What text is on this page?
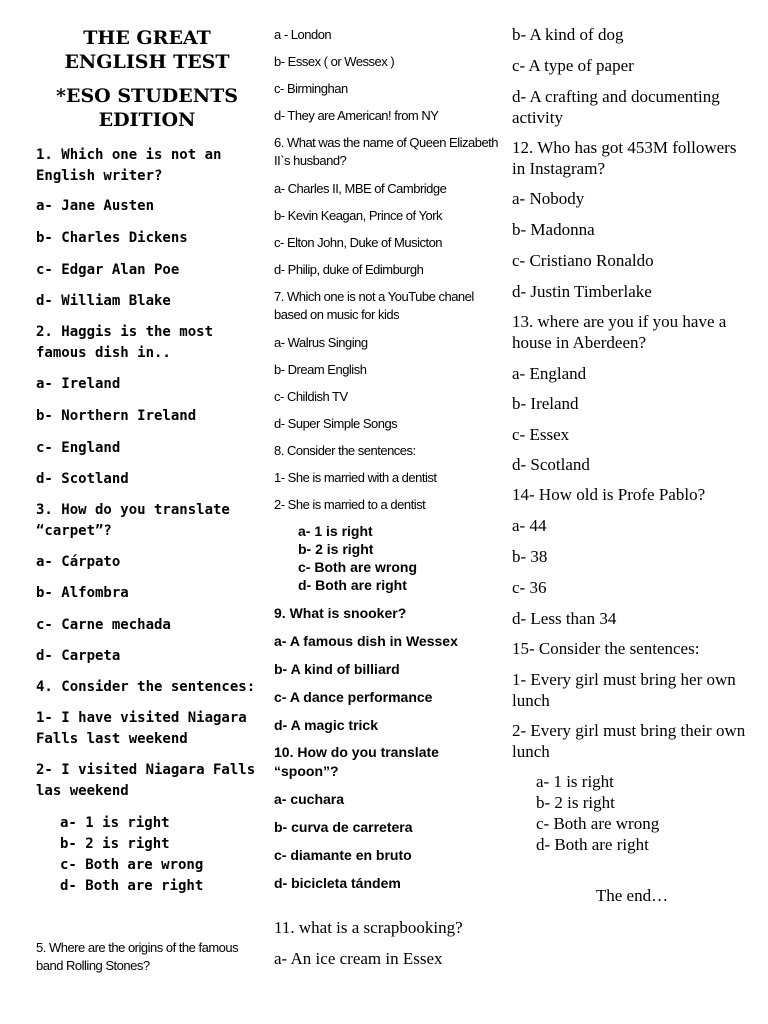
THE GREAT ENGLISH TEST

*ESO STUDENTS EDITION

1. Which one is not an English writer?

a- Jane Austen

b- Charles Dickens

c- Edgar Alan Poe

d- William Blake

2. Haggis is the most famous dish in..

a- Ireland

b- Northern Ireland

c- England

d- Scotland

3. How do you translate “carpet”?

a- Cárpato

b- Alfombra

c- Carne mechada

d- Carpeta

4. Consider the sentences:

1- I have visited Niagara Falls last weekend

2- I visited Niagara Falls las weekend

a- 1 is right

b- 2 is right

c- Both are wrong

d- Both are right

5. Where are the origins of the famous band Rolling Stones?

a - London

b- Essex ( or Wessex )

c- Birminghan

d- They are American! from NY

6. What was the name of Queen Elizabeth II`s husband?

a- Charles II, MBE of Cambridge

b- Kevin Keagan, Prince of York

c- Elton John, Duke of Musicton

d- Philip, duke of Edimburgh

7. Which one is not a YouTube chanel based on music for kids

a- Walrus Singing

b- Dream English

c- Childish TV

d- Super Simple Songs

8. Consider the sentences:

1- She is married with a dentist

2- She is married to a dentist

a- 1 is right

b- 2 is right

c- Both are wrong

d- Both are right

9. What is snooker?

a- A famous dish in Wessex

b- A kind of billiard

c- A dance performance

d- A magic trick

10. How do you translate “spoon”?

a- cuchara

b- curva de carretera

c- diamante en bruto

d- bicicleta tándem

11. what is a scrapbooking?

a- An ice cream in Essex

b- A kind of dog

c- A type of paper

d- A crafting and documenting activity

12. Who has got 453M followers in Instagram?

a- Nobody

b- Madonna

c- Cristiano Ronaldo

d- Justin Timberlake

13. where are you if you have a house in Aberdeen?

a- England

b- Ireland

c- Essex

d- Scotland

14- How old is Profe Pablo?

a- 44

b- 38

c- 36

d- Less than 34

15- Consider the sentences:

1- Every girl must bring her own lunch

2- Every girl must bring their own lunch

a- 1 is right

b- 2 is right

c- Both are wrong

d- Both are right

The end…
